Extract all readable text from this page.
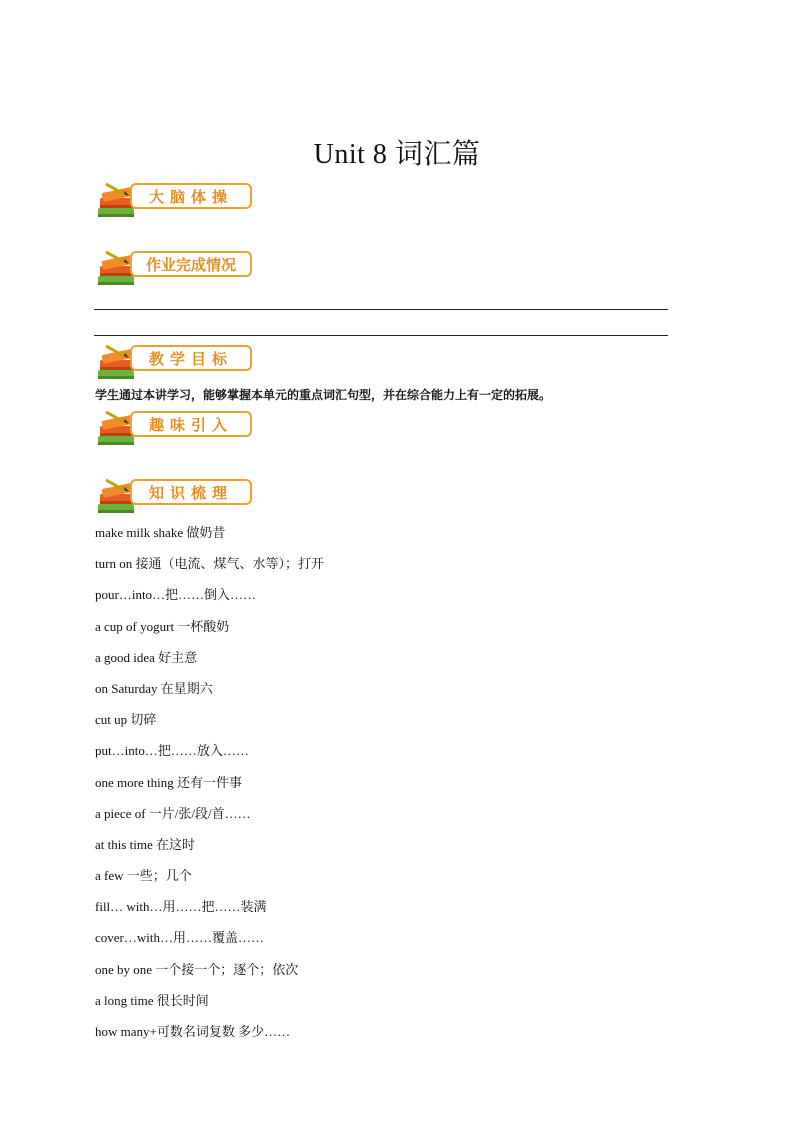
Unit 8 词汇篇
大脑体操
作业完成情况
教学目标
学生通过本讲学习，能够掌握本单元的重点词汇句型，并在综合能力上有一定的拓展。
趣味引入
知识梳理
make milk shake 做奶昔
turn on 接通（电流、煤气、水等）；打开
pour…into…把……倒入……
a cup of yogurt 一杯酸奶
a good idea 好主意
on Saturday 在星期六
cut up 切碎
put…into…把……放入……
one more thing 还有一件事
a piece of 一片/张/段/首……
at this time 在这时
a few 一些；几个
fill… with…用……把……装满
cover…with…用……覆盖……
one by one 一个接一个；逐个；依次
a long time 很长时间
how many+可数名词复数 多少……
